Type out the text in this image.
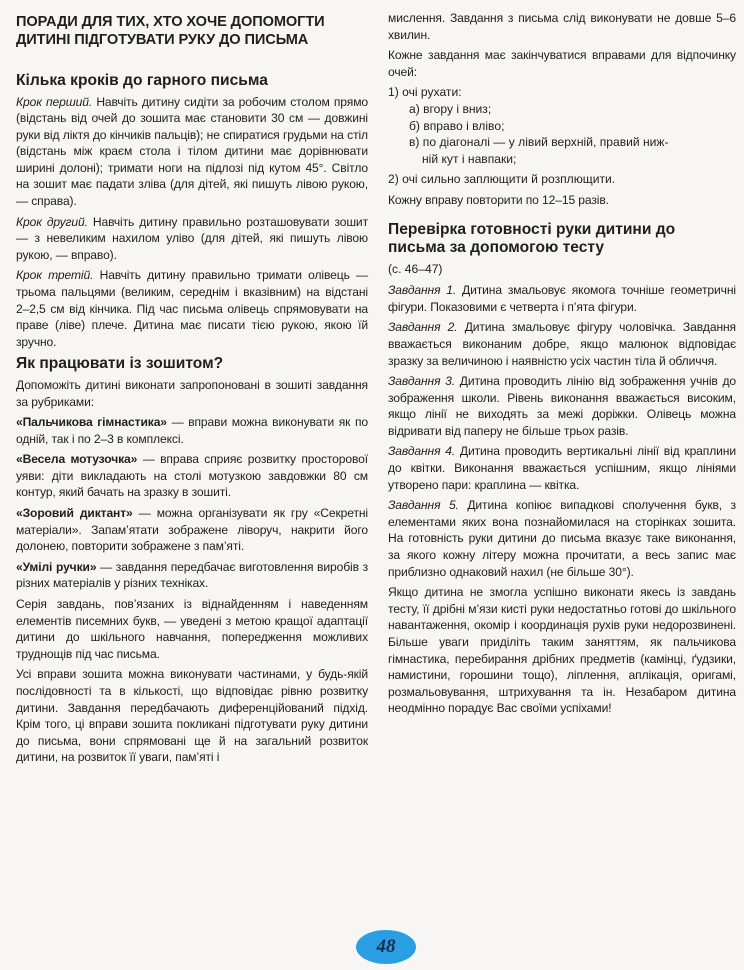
ПОРАДИ ДЛЯ ТИХ, ХТО ХОЧЕ ДОПОМОГТИ ДИТИНІ ПІДГОТУВАТИ РУКУ ДО ПИСЬМА
Кілька кроків до гарного письма

Крок перший. Навчіть дитину сидіти за робочим столом прямо (відстань від очей до зошита має становити 30 см — довжині руки від ліктя до кінчиків пальців); не спиратися грудьми на стіл (відстань між краєм стола і тілом дитини має дорівнювати ширині долоні); тримати ноги на підлозі під кутом 45°. Світло на зошит має падати зліва (для дітей, які пишуть лівою рукою, — справа).

Крок другий. Навчіть дитину правильно розташовувати зошит — з невеликим нахилом уліво (для дітей, які пишуть лівою рукою, — вправо).

Крок третій. Навчіть дитину правильно тримати олівець — трьома пальцями (великим, середнім і вказівним) на відстані 2–2,5 см від кінчика. Під час письма олівець спрямовувати на праве (ліве) плече. Дитина має писати тією рукою, якою їй зручно.

Як працювати із зошитом?

Допоможіть дитині виконати запропоновані в зошиті завдання за рубриками:

«Пальчикова гімнастика» — вправи можна виконувати як по одній, так і по 2–3 в комплексі.

«Весела мотузочка» — вправа сприяє розвитку просторової уяви: діти викладають на столі мотузкою завдовжки 80 см контур, який бачать на зразку в зошиті.

«Зоровий диктант» — можна організувати як гру «Секретні матеріали». Запам’ятати зображене ліворуч, накрити його долонею, повторити зображене з пам’яті.

«Умілі ручки» — завдання передбачає виготовлення виробів з різних матеріалів у різних техніках.

Серія завдань, пов’язаних із віднайденням і наведенням елементів писемних букв, — уведені з метою кращої адаптації дитини до шкільного навчання, попередження можливих труднощів під час письма.

Усі вправи зошита можна виконувати частинами, у будь-якій послідовності та в кількості, що відповідає рівню розвитку дитини. Завдання передбачають диференційований підхід. Крім того, ці вправи зошита покликані підготувати руку дитини до письма, вони спрямовані ще й на загальний розвиток дитини, на розвиток її уваги, пам’яті і

мислення. Завдання з письма слід виконувати не довше 5–6 хвилин.

Кожне завдання має закінчуватися вправами для відпочинку очей:

1) очі рухати:

а) вгору і вниз;

б) вправо і вліво;

в) по діагоналі — у лівий верхній, правий ниж-

ній кут і навпаки;

2) очі сильно заплющити й розплющити.

Кожну вправу повторити по 12–15 разів.

Перевірка готовності руки дитини до письма за допомогою тесту

(с. 46–47)

Завдання 1. Дитина змальовує якомога точніше геометричні фігури. Показовими є четверта і п’ята фігури.

Завдання 2. Дитина змальовує фігуру чоловічка. Завдання вважається виконаним добре, якщо малюнок відповідає зразку за величиною і наявністю усіх частин тіла й обличчя.

Завдання 3. Дитина проводить лінію від зображення учнів до зображення школи. Рівень виконання вважається високим, якщо лінії не виходять за межі доріжки. Олівець можна відривати від паперу не більше трьох разів.

Завдання 4. Дитина проводить вертикальні лінії від краплини до квітки. Виконання вважається успішним, якщо лініями утворено пари: краплина — квітка.

Завдання 5. Дитина копіює випадкові сполучення букв, з елементами яких вона познайомилася на сторінках зошита. На готовність руки дитини до письма вказує таке виконання, за якого кожну літеру можна прочитати, а весь запис має приблизно однаковий нахил (не більше 30°).

Якщо дитина не змогла успішно виконати якесь із завдань тесту, її дрібні м’язи кисті руки недостатньо готові до шкільного навантаження, окомір і координація рухів руки недорозвинені. Більше уваги приділіть таким заняттям, як пальчикова гімнастика, перебирання дрібних предметів (камінці, ґудзики, намистини, горошини тощо), ліплення, аплікація, оригамі, розмальовування, штрихування та ін. Незабаром дитина неодмінно порадує Вас своїми успіхами!

48
